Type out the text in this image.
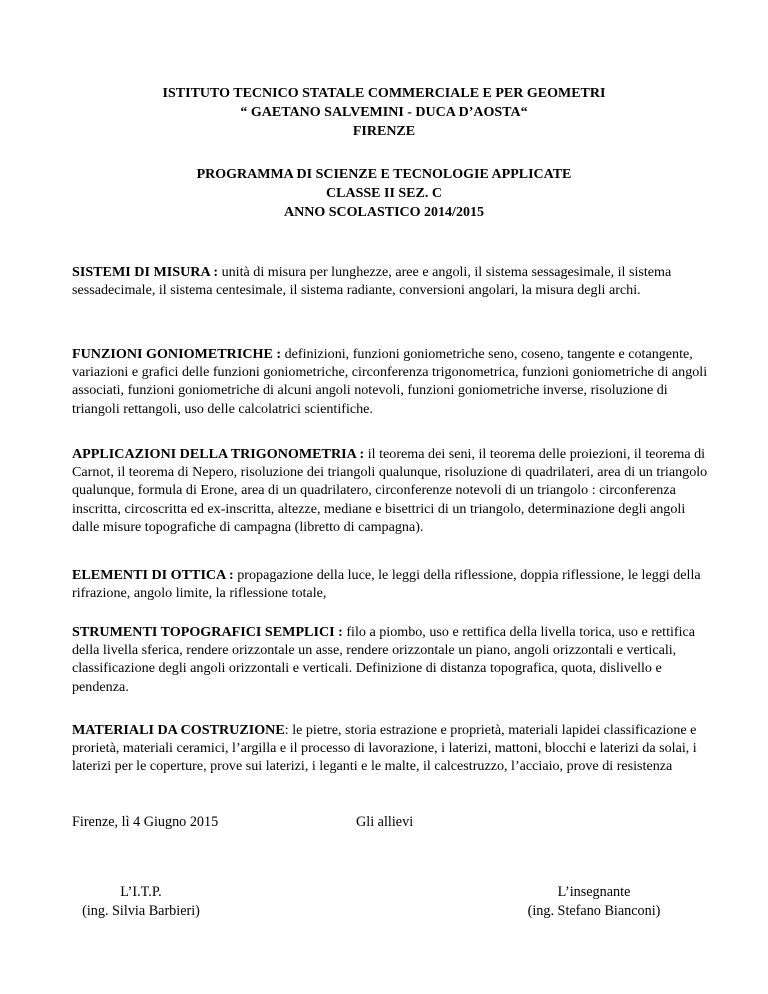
ISTITUTO TECNICO STATALE COMMERCIALE E PER GEOMETRI
“ GAETANO SALVEMINI - DUCA D’AOSTA“
FIRENZE
PROGRAMMA DI SCIENZE E TECNOLOGIE APPLICATE
CLASSE II SEZ. C
ANNO SCOLASTICO 2014/2015
SISTEMI DI MISURA : unità di misura per lunghezze, aree e angoli, il sistema sessagesimale, il sistema sessadecimale, il sistema centesimale, il sistema radiante, conversioni angolari, la misura degli archi.
FUNZIONI GONIOMETRICHE : definizioni, funzioni goniometriche seno, coseno, tangente e cotangente, variazioni e grafici delle funzioni goniometriche, circonferenza trigonometrica, funzioni goniometriche di angoli associati, funzioni goniometriche di alcuni angoli notevoli, funzioni goniometriche inverse, risoluzione di triangoli rettangoli, uso delle calcolatrici scientifiche.
APPLICAZIONI DELLA TRIGONOMETRIA : il teorema dei seni, il teorema delle proiezioni, il teorema di Carnot, il teorema di Nepero, risoluzione dei triangoli qualunque, risoluzione di quadrilateri, area di un triangolo qualunque, formula di Erone, area di un quadrilatero, circonferenze notevoli di un triangolo : circonferenza inscritta, circoscritta ed ex-inscritta, altezze, mediane e bisettrici di un triangolo, determinazione degli angoli dalle misure topografiche di campagna (libretto di campagna).
ELEMENTI DI OTTICA : propagazione della luce, le leggi della riflessione, doppia riflessione, le leggi della rifrazione, angolo limite, la riflessione totale,
STRUMENTI TOPOGRAFICI SEMPLICI : filo a piombo, uso e rettifica della livella torica, uso e rettifica della livella sferica, rendere orizzontale un asse, rendere orizzontale un piano, angoli orizzontali e verticali, classificazione degli angoli orizzontali e verticali. Definizione di distanza topografica, quota, dislivello e pendenza.
MATERIALI DA COSTRUZIONE: le pietre, storia estrazione e proprietà, materiali lapidei classificazione e prorietà, materiali ceramici, l’argilla e il processo di lavorazione, i laterizi, mattoni, blocchi e laterizi da solai, i laterizi per le coperture, prove sui laterizi, i leganti e le malte, il calcestruzzo, l’acciaio, prove di resistenza
Firenze, lì 4 Giugno 2015	Gli allievi
L’I.T.P.
(ing. Silvia Barbieri)
L’insegnante
(ing. Stefano Bianconi)
